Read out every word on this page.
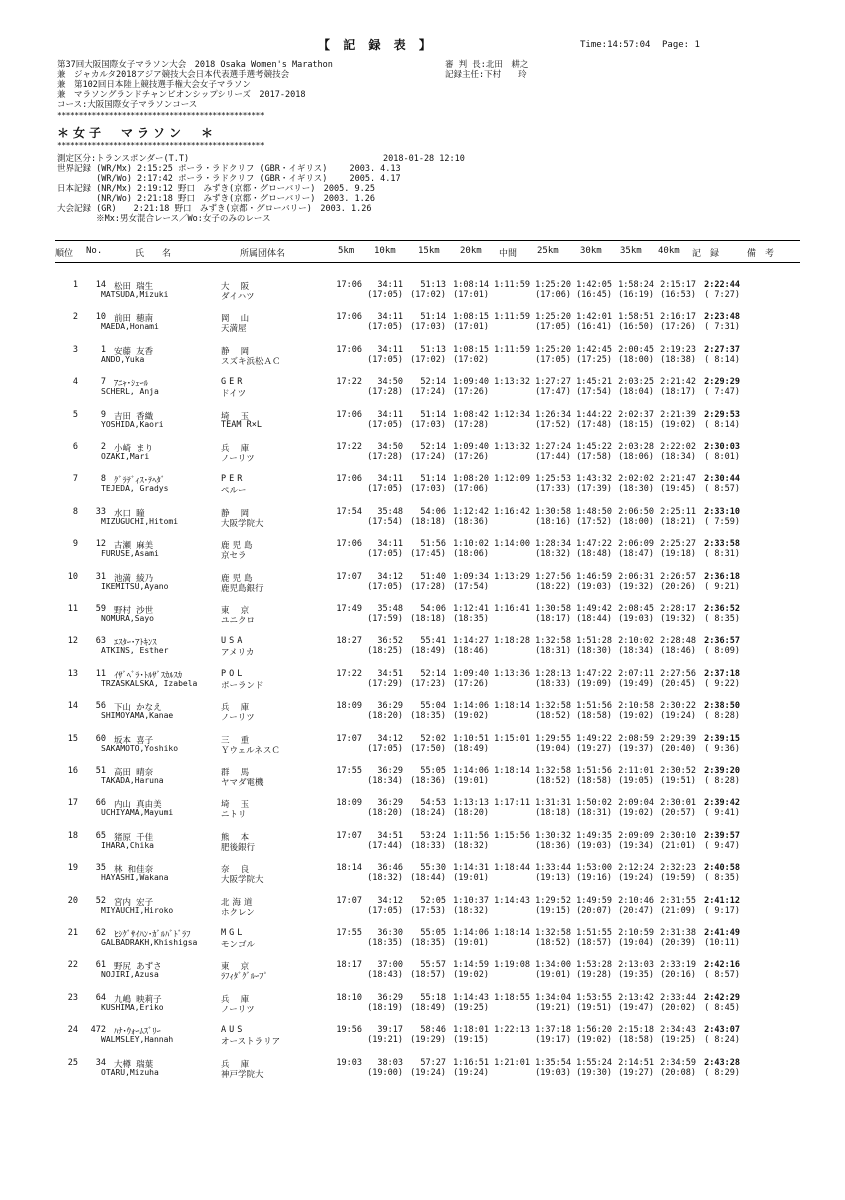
【 記 録 表 】	Time:14:57:04 Page: 1
第37回大阪国際女子マラソン大会　2018 Osaka Women's Marathon
兼　ジャカルタ2018アジア競技大会日本代表選手選考競技会
兼　第102回日本陸上競技選手権大会女子マラソン
兼　マラソングランドチャンピオンシップシリーズ　2017-2018
コース:大阪国際女子マラソンコース
審 判 長:北田　耕之
記録主任:下村　　玲
************************************************
＊女子　マラソン　＊
************************************************
測定区分:トランスポンダー(T.T)	2018-01-28 12:10
世界記録 (WR/Mx) 2:15:25 ポーラ・ラドクリフ (GBR・イギリス)　　 2003. 4.13
　　　　 (WR/Wo) 2:17:42 ポーラ・ラドクリフ (GBR・イギリス)　　 2005. 4.17
日本記録 (NR/Mx) 2:19:12 野口　みずき(京都・グローバリー)　2005. 9.25
　　　　 (NR/Wo) 2:21:18 野口　みずき(京都・グローバリー)　2003. 1.26
大会記録 (GR)　　2:21:18 野口　みずき(京都・グローバリー)　2003. 1.26
　　　　 ※Mx:男女混合レース／Wo:女子のみのレース
順位 No.	氏　　名	所属団体名	5km 10km 15km 20km 中間 25km 30km 35km 40km 記　録	備　考
1	14 松田 瑞生
MATSUDA,Mizuki
大 阪
ダイハツ
17:06 34:11 51:13 1:08:14 1:11:59 1:25:20 1:42:05 1:58:24 2:15:17 2:22:44
(17:05) (17:02) (17:01)	(17:06) (16:45) (16:19) (16:53) ( 7:27)
2	10 前田 穂南
MAEDA,Honami
岡 山
天満屋
17:06 34:11 51:14 1:08:15 1:11:59 1:25:20 1:42:01 1:58:51 2:16:17 2:23:48
(17:05) (17:03) (17:01)	(17:05) (16:41) (16:50) (17:26) ( 7:31)
3	1 安藤 友香
ANDO,Yuka
静 岡
スズキ浜松ＡＣ
17:06 34:11 51:13 1:08:15 1:11:59 1:25:20 1:42:45 2:00:45 2:19:23 2:27:37
(17:05) (17:02) (17:02)	(17:05) (17:25) (18:00) (18:38) ( 8:14)
4	7 ｱﾆｬ･ｼｪｰﾙ
SCHERL, Anja
GER
ドイツ
17:22 34:50 52:14 1:09:40 1:13:32 1:27:27 1:45:21 2:03:25 2:21:42 2:29:29
(17:28) (17:24) (17:26)	(17:47) (17:54) (18:04) (18:17) ( 7:47)
5	9 吉田 香織
YOSHIDA,Kaori
埼 玉
TEAM R×L
17:06 34:11 51:14 1:08:42 1:12:34 1:26:34 1:44:22 2:02:37 2:21:39 2:29:53
(17:05) (17:03) (17:28)	(17:52) (17:48) (18:15) (19:02) ( 8:14)
6	2 小崎 まり
OZAKI,Mari
兵 庫
ノーリツ
17:22 34:50 52:14 1:09:40 1:13:32 1:27:24 1:45:22 2:03:28 2:22:02 2:30:03
(17:28) (17:24) (17:26)	(17:44) (17:58) (18:06) (18:34) ( 8:01)
7	8 ｸﾞﾗﾃﾞｨｽ･ﾃﾍﾀﾞ
TEJEDA, Gradys
PER
ペルー
17:06 34:11 51:14 1:08:20 1:12:09 1:25:53 1:43:32 2:02:02 2:21:47 2:30:44
(17:05) (17:03) (17:06)	(17:33) (17:39) (18:30) (19:45) ( 8:57)
8	33 水口 瞳
MIZUGUCHI,Hitomi
静 岡
大阪学院大
17:54 35:48 54:06 1:12:42 1:16:42 1:30:58 1:48:50 2:06:50 2:25:11 2:33:10
(17:54) (18:18) (18:36)	(18:16) (17:52) (18:00) (18:21) ( 7:59)
9	12 古瀬 麻美
FURUSE,Asami
鹿児島
京セラ
17:06 34:11 51:56 1:10:02 1:14:00 1:28:34 1:47:22 2:06:09 2:25:27 2:33:58
(17:05) (17:45) (18:06)	(18:32) (18:48) (18:47) (19:18) ( 8:31)
10	31 池満 綾乃
IKEMITSU,Ayano
鹿児島
鹿児島銀行
17:07 34:12 51:40 1:09:34 1:13:29 1:27:56 1:46:59 2:06:31 2:26:57 2:36:18
(17:05) (17:28) (17:54)	(18:22) (19:03) (19:32) (20:26) ( 9:21)
11	59 野村 沙世
NOMURA,Sayo
東 京
ユニクロ
17:49 35:48 54:06 1:12:41 1:16:41 1:30:58 1:49:42 2:08:45 2:28:17 2:36:52
(17:59) (18:18) (18:35)	(18:17) (18:44) (19:03) (19:32) ( 8:35)
12	63 ｴｽﾀｰ･ｱﾄｷﾝｽ
ATKINS, Esther
USA
アメリカ
18:27 36:52 55:41 1:14:27 1:18:28 1:32:58 1:51:28 2:10:02 2:28:48 2:36:57
(18:25) (18:49) (18:46)	(18:31) (18:30) (18:34) (18:46) ( 8:09)
13	11 ｲｻﾞﾍﾞﾗ･ﾄﾙｻﾞｽｶﾙｽｶ
TRZASKALSKA, Izabela
POL
ポーランド
17:22 34:51 52:14 1:09:40 1:13:36 1:28:13 1:47:22 2:07:11 2:27:56 2:37:18
(17:29) (17:23) (17:26)	(18:33) (19:09) (19:49) (20:45) ( 9:22)
14	56 下山 かなえ
SHIMOYAMA,Kanae
兵 庫
ノーリツ
18:09 36:29 55:04 1:14:06 1:18:14 1:32:58 1:51:56 2:10:58 2:30:22 2:38:50
(18:20) (18:35) (19:02)	(18:52) (18:58) (19:02) (19:24) ( 8:28)
15	60 坂本 喜子
SAKAMOTO,Yoshiko
三 重
ＹウェルネスＣ
17:07 34:12 52:02 1:10:51 1:15:01 1:29:55 1:49:22 2:08:59 2:29:39 2:39:15
(17:05) (17:50) (18:49)	(19:04) (19:27) (19:37) (20:40) ( 9:36)
16	51 高田 晴奈
TAKADA,Haruna
群 馬
ヤマダ電機
17:55 36:29 55:05 1:14:06 1:18:14 1:32:58 1:51:56 2:11:01 2:30:52 2:39:20
(18:34) (18:36) (19:01)	(18:52) (18:58) (19:05) (19:51) ( 8:28)
17	66 内山 真由美
UCHIYAMA,Mayumi
埼 玉
ニトリ
18:09 36:29 54:53 1:13:13 1:17:11 1:31:31 1:50:02 2:09:04 2:30:01 2:39:42
(18:20) (18:24) (18:20)	(18:18) (18:31) (19:02) (20:57) ( 9:41)
18	65 猪原 千佳
IHARA,Chika
熊 本
肥後銀行
17:07 34:51 53:24 1:11:56 1:15:56 1:30:32 1:49:35 2:09:09 2:30:10 2:39:57
(17:44) (18:33) (18:32)	(18:36) (19:03) (19:34) (21:01) ( 9:47)
19	35 林 和佳奈
HAYASHI,Wakana
奈 良
大阪学院大
18:14 36:46 55:30 1:14:31 1:18:44 1:33:44 1:53:00 2:12:24 2:32:23 2:40:58
(18:32) (18:44) (19:01)	(19:13) (19:16) (19:24) (19:59) ( 8:35)
20	52 宮内 宏子
MIYAUCHI,Hiroko
北海道
ホクレン
17:07 34:12 52:05 1:10:37 1:14:43 1:29:52 1:49:59 2:10:46 2:31:55 2:41:12
(17:05) (17:53) (18:32)	(19:15) (20:07) (20:47) (21:09) ( 9:17)
21	62 ﾋｼｸﾞｻｲﾊﾝ･ｶﾞﾙﾊﾞﾄﾞﾗﾌ
GALBADRAKH,Khishigsa
MGL
モンゴル
17:55 36:30 55:05 1:14:06 1:18:14 1:32:58 1:51:55 2:10:59 2:31:38 2:41:49
(18:35) (18:35) (19:01)	(18:52) (18:57) (19:04) (20:39) (10:11)
22	61 野尻 あずさ
NOJIRI,Azusa
東 京
ﾗﾌｨﾀﾞｸﾞﾙｰﾌﾟ
18:17 37:00 55:57 1:14:59 1:19:08 1:34:00 1:53:28 2:13:03 2:33:19 2:42:16
(18:43) (18:57) (19:02)	(19:01) (19:28) (19:35) (20:16) ( 8:57)
23	64 九嶋 映莉子
KUSHIMA,Eriko
兵 庫
ノーリツ
18:10 36:29 55:18 1:14:43 1:18:55 1:34:04 1:53:55 2:13:42 2:33:44 2:42:29
(18:19) (18:49) (19:25)	(19:21) (19:51) (19:47) (20:02) ( 8:45)
24	472 ﾊﾅ･ｳｫｰﾑｽﾞﾘｰ
WALMSLEY,Hannah
AUS
オーストラリア
19:56 39:17 58:46 1:18:01 1:22:13 1:37:18 1:56:20 2:15:18 2:34:43 2:43:07
(19:21) (19:29) (19:15)	(19:17) (19:02) (18:58) (19:25) ( 8:24)
25	34 大樽 瑞葉
OTARU,Mizuha
兵 庫
神戸学院大
19:03 38:03 57:27 1:16:51 1:21:01 1:35:54 1:55:24 2:14:51 2:34:59 2:43:28
(19:00) (19:24) (19:24)	(19:03) (19:30) (19:27) (20:08) ( 8:29)
